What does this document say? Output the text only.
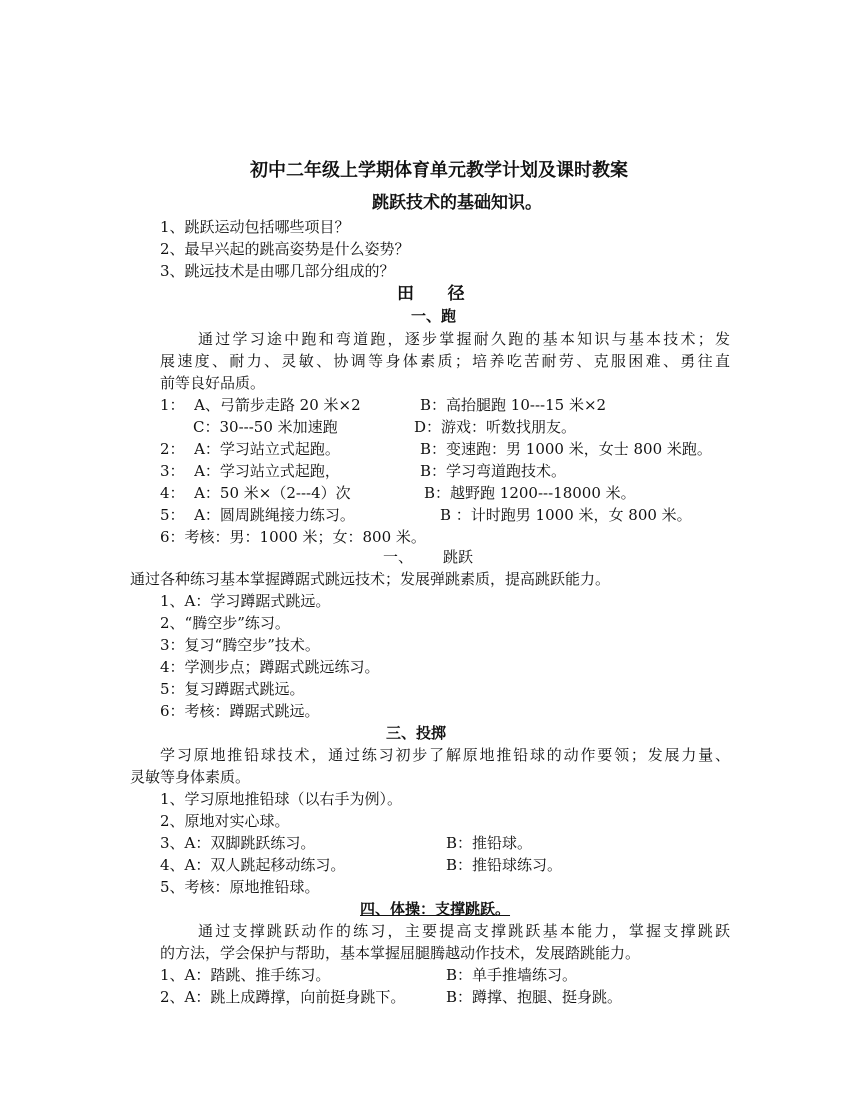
初中二年级上学期体育单元教学计划及课时教案
跳跃技术的基础知识。
1、跳跃运动包括哪些项目？
2、最早兴起的跳高姿势是什么姿势？
3、跳远技术是由哪几部分组成的？
田    径
一、跑
通过学习途中跑和弯道跑，逐步掌握耐久跑的基本知识与基本技术；发
展速度、耐力、灵敏、协调等身体素质；培养吃苦耐劳、克服困难、勇往直
前等良好品质。
1：  A、弓箭步走路 20 米×2	B：高抬腿跑 10---15 米×2
C：30---50 米加速跑	D：游戏：听数找朋友。
2：  A：学习站立式起跑。	B：变速跑：男 1000 米，女士 800 米跑。
3：  A：学习站立式起跑，	B：学习弯道跑技术。
4：  A：50 米×（2---4）次	B：越野跑 1200---18000 米。
5：  A：圆周跳绳接力练习。	B ：计时跑男 1000 米，女 800 米。
6：考核：男：1000 米；女：800 米。
一、 跳跃
通过各种练习基本掌握蹲踞式跳远技术；发展弹跳素质，提高跳跃能力。
1、A：学习蹲踞式跳远。
2、“腾空步”练习。
3：复习“腾空步”技术。
4：学测步点；蹲踞式跳远练习。
5：复习蹲踞式跳远。
6：考核：蹲踞式跳远。
三、投掷
学习原地推铅球技术，通过练习初步了解原地推铅球的动作要领；发展力量、
灵敏等身体素质。
1、学习原地推铅球（以右手为例）。
2、原地对实心球。
3、A：双脚跳跃练习。	B：推铅球。
4、A：双人跳起移动练习。	B：推铅球练习。
5、考核：原地推铅球。
四、体操：支撑跳跃。
通过支撑跳跃动作的练习，主要提高支撑跳跃基本能力，掌握支撑跳跃
的方法，学会保护与帮助，基本掌握屈腿腾越动作技术，发展踏跳能力。
1、A：踏跳、推手练习。	B：单手推墙练习。
2、A：跳上成蹲撑，向前挺身跳下。	B：蹲撑、抱腿、挺身跳。
